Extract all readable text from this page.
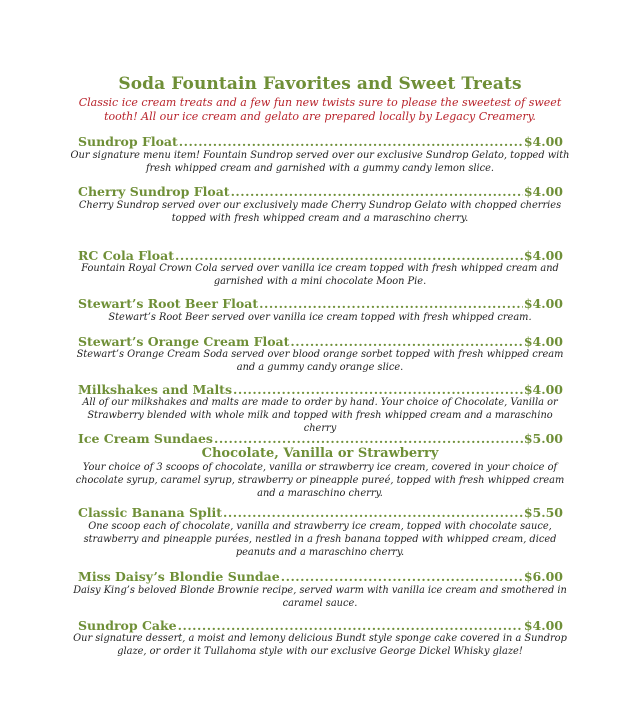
Soda Fountain Favorites and Sweet Treats
Classic ice cream treats and a few fun new twists sure to please the sweetest of sweet tooth! All our ice cream and gelato are prepared locally by Legacy Creamery.
Sundrop Float .....	$4.00
Our signature menu item! Fountain Sundrop served over our exclusive Sundrop Gelato, topped with fresh whipped cream and garnished with a gummy candy lemon slice.
Cherry Sundrop Float .....	$4.00
Cherry Sundrop served over our exclusively made Cherry Sundrop Gelato with chopped cherries topped with fresh whipped cream and a maraschino cherry.
RC Cola Float .....	$4.00
Fountain Royal Crown Cola served over vanilla ice cream topped with fresh whipped cream and garnished with a mini chocolate Moon Pie.
Stewart’s Root Beer Float .....	$4.00
Stewart’s Root Beer served over vanilla ice cream topped with fresh whipped cream.
Stewart’s Orange Cream Float .....	$4.00
Stewart’s Orange Cream Soda served over blood orange sorbet topped with fresh whipped cream and a gummy candy orange slice.
Milkshakes and Malts .....	$4.00
All of our milkshakes and malts are made to order by hand. Your choice of Chocolate, Vanilla or Strawberry blended with whole milk and topped with fresh whipped cream and a maraschino cherry
Ice Cream Sundaes .....	$5.00
Chocolate, Vanilla or Strawberry
Your choice of 3 scoops of chocolate, vanilla or strawberry ice cream, covered in your choice of chocolate syrup, caramel syrup, strawberry or pineapple pureé, topped with fresh whipped cream and a maraschino cherry.
Classic Banana Split .....	$5.50
One scoop each of chocolate, vanilla and strawberry ice cream, topped with chocolate sauce, strawberry and pineapple purées, nestled in a fresh banana topped with whipped cream, diced peanuts and a maraschino cherry.
Miss Daisy’s Blondie Sundae .....	$6.00
Daisy King’s beloved Blonde Brownie recipe, served warm with vanilla ice cream and smothered in caramel sauce.
Sundrop Cake .....	$4.00
Our signature dessert, a moist and lemony delicious Bundt style sponge cake covered in a Sundrop glaze, or order it Tullahoma style with our exclusive George Dickel Whisky glaze!
